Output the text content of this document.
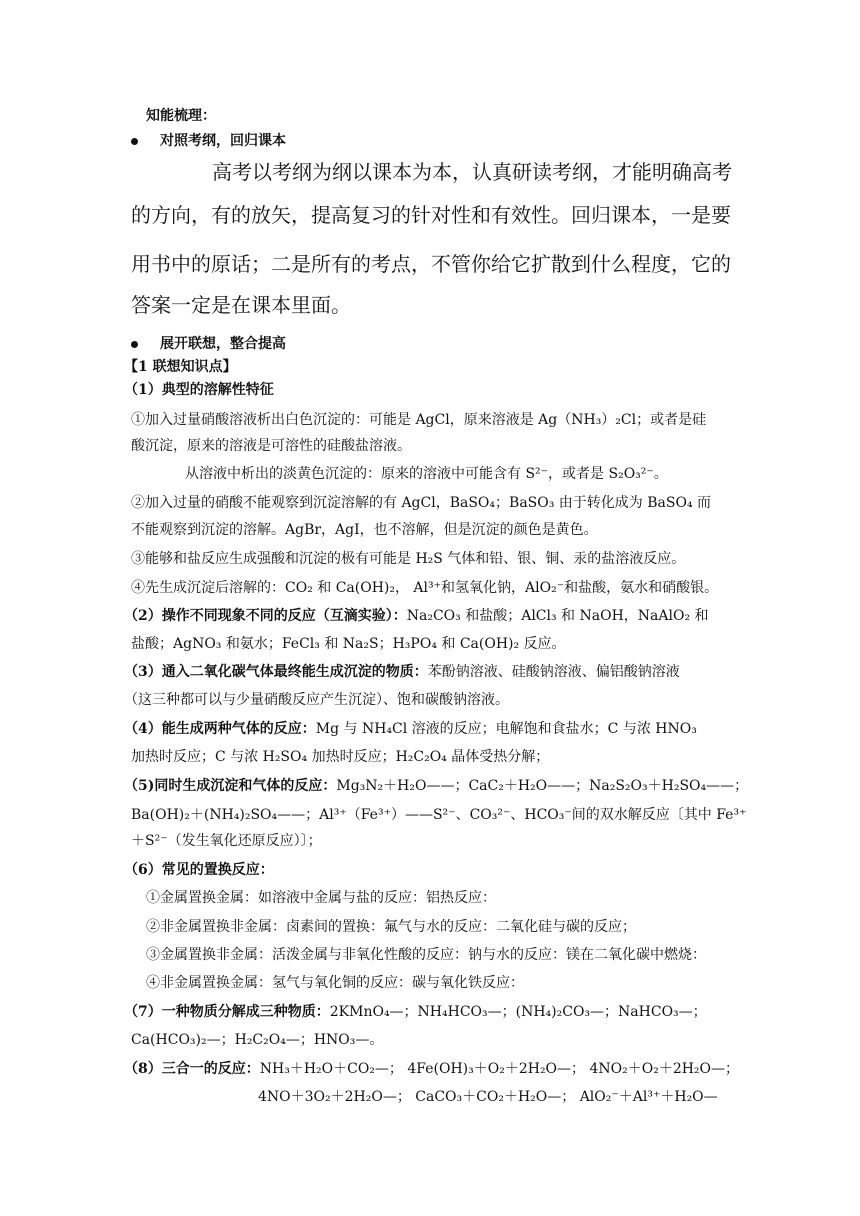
知能梳理：
对照考纲，回归课本
高考以考纲为纲以课本为本，认真研读考纲，才能明确高考
的方向，有的放矢，提高复习的针对性和有效性。回归课本，一是要
用书中的原话；二是所有的考点，不管你给它扩散到什么程度，它的
答案一定是在课本里面。
展开联想，整合提高
【1 联想知识点】
（1）典型的溶解性特征
①加入过量硝酸溶液析出白色沉淀的：可能是 AgCl，原来溶液是 Ag（NH₃）₂Cl；或者是硅
酸沉淀，原来的溶液是可溶性的硅酸盐溶液。
从溶液中析出的淡黄色沉淀的：原来的溶液中可能含有 S²⁻，或者是 S₂O₃²⁻。
②加入过量的硝酸不能观察到沉淀溶解的有 AgCl，BaSO₄；BaSO₃ 由于转化成为 BaSO₄ 而
不能观察到沉淀的溶解。AgBr，AgI，也不溶解，但是沉淀的颜色是黄色。
③能够和盐反应生成强酸和沉淀的极有可能是 H₂S 气体和铅、银、铜、汞的盐溶液反应。
④先生成沉淀后溶解的：CO₂ 和 Ca(OH)₂， Al³⁺和氢氧化钠，AlO₂⁻和盐酸，氨水和硝酸银。
（2）操作不同现象不同的反应（互滴实验）：Na₂CO₃ 和盐酸；AlCl₃ 和 NaOH，NaAlO₂ 和
盐酸；AgNO₃ 和氨水；FeCl₃ 和 Na₂S；H₃PO₄ 和 Ca(OH)₂ 反应。
（3）通入二氧化碳气体最终能生成沉淀的物质：苯酚钠溶液、硅酸钠溶液、偏铝酸钠溶液
（这三种都可以与少量硝酸反应产生沉淀）、饱和碳酸钠溶液。
（4）能生成两种气体的反应：Mg 与 NH₄Cl 溶液的反应；电解饱和食盐水；C 与浓 HNO₃
加热时反应；C 与浓 H₂SO₄ 加热时反应；H₂C₂O₄ 晶体受热分解；
（5)同时生成沉淀和气体的反应：Mg₃N₂＋H₂O——；CaC₂＋H₂O——；Na₂S₂O₃＋H₂SO₄——；
Ba(OH)₂＋(NH₄)₂SO₄——；Al³⁺（Fe³⁺）——S²⁻、CO₃²⁻、HCO₃⁻间的双水解反应〔其中 Fe³⁺
＋S²⁻（发生氧化还原反应）〕；
（6）常见的置换反应：
①金属置换金属：如溶液中金属与盐的反应：铝热反应：
②非金属置换非金属：卤素间的置换：氟气与水的反应：二氧化硅与碳的反应；
③金属置换非金属：活泼金属与非氧化性酸的反应：钠与水的反应：镁在二氧化碳中燃烧：
④非金属置换金属：氢气与氧化铜的反应：碳与氧化铁反应：
（7）一种物质分解成三种物质：2KMnO₄—；NH₄HCO₃—；(NH₄)₂CO₃—；NaHCO₃—；
Ca(HCO₃)₂—；H₂C₂O₄—；HNO₃—。
（8）三合一的反应：NH₃＋H₂O＋CO₂—； 4Fe(OH)₃＋O₂＋2H₂O—； 4NO₂＋O₂＋2H₂O—；
4NO＋3O₂＋2H₂O—； CaCO₃＋CO₂＋H₂O—； AlO₂⁻＋Al³⁺＋H₂O—
